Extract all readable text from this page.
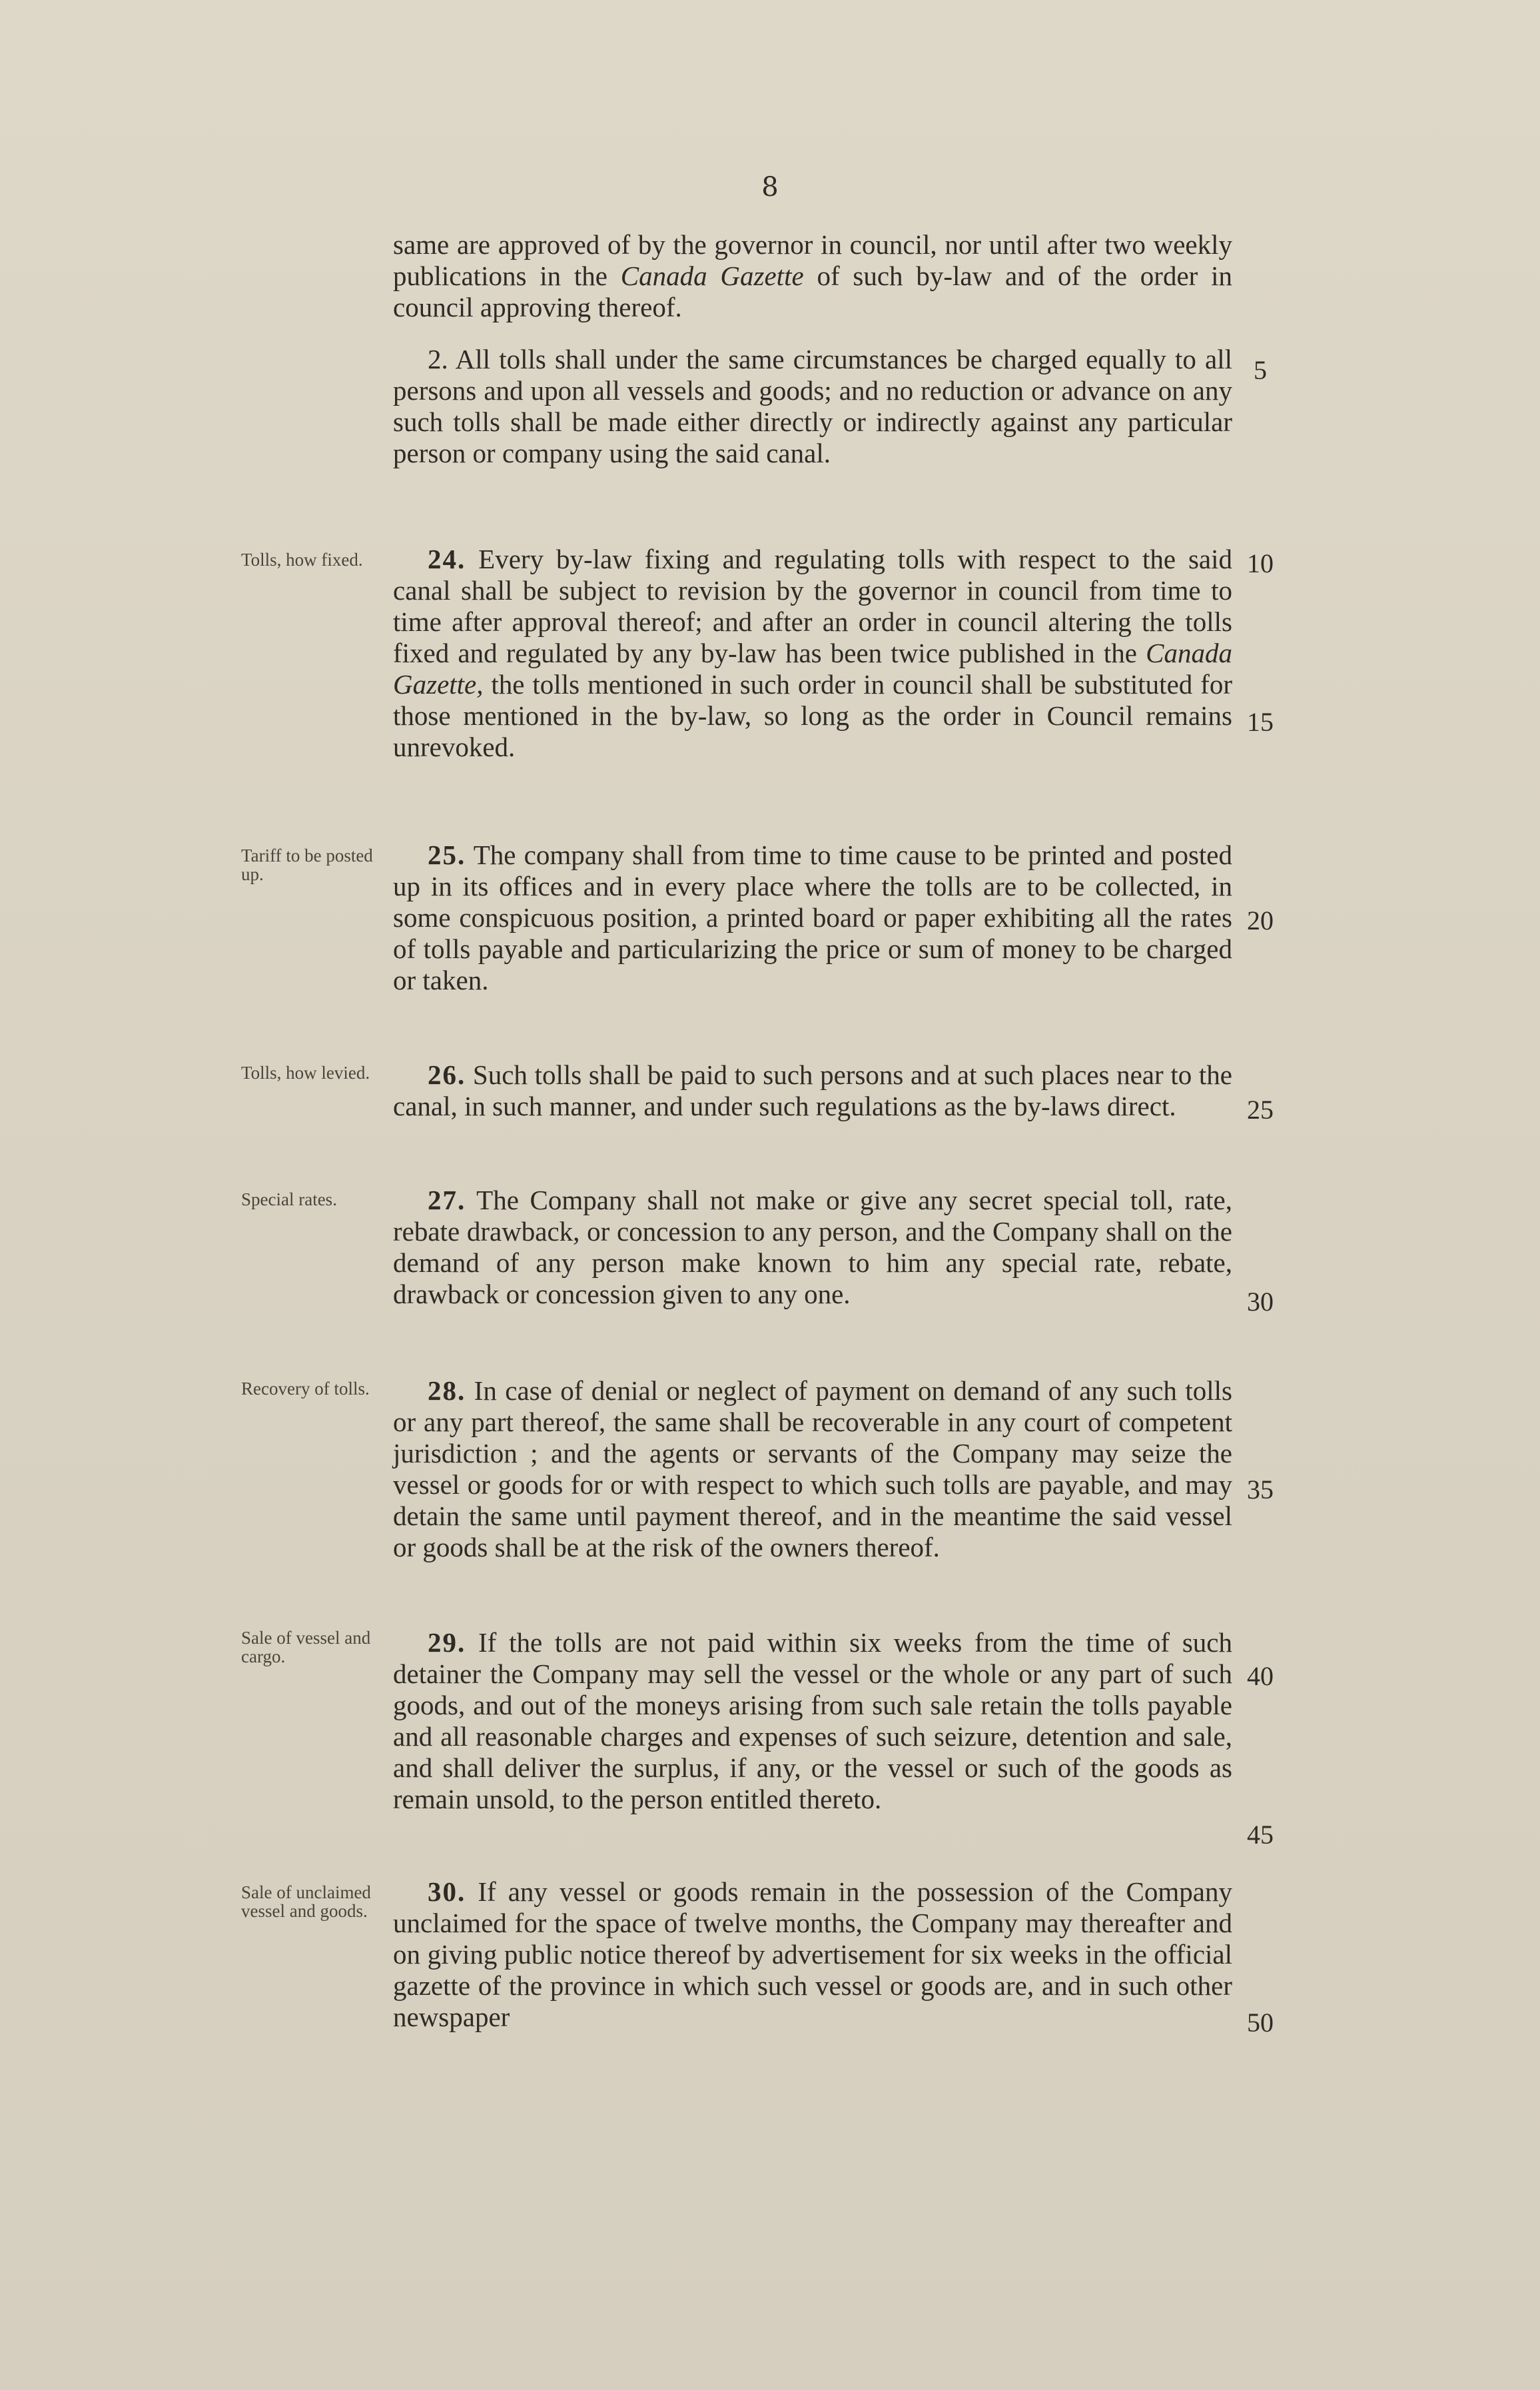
8
same are approved of by the governor in council, nor until after two weekly publications in the Canada Gazette of such by-law and of the order in council approving thereof.
2. All tolls shall under the same circumstances be charged equally to all persons and upon all vessels and goods; and no reduction or advance on any such tolls shall be made either directly or indirectly against any particular person or company using the said canal.
Tolls, how fixed.	24. Every by-law fixing and regulating tolls with respect to the said canal shall be subject to revision by the governor in council from time to time after approval thereof; and after an order in council altering the tolls fixed and regulated by any by-law has been twice published in the Canada Gazette, the tolls mentioned in such order in council shall be substituted for those mentioned in the by-law, so long as the order in Council remains unrevoked.
Tariff to be posted up.
25. The company shall from time to time cause to be printed and posted up in its offices and in every place where the tolls are to be collected, in some conspicuous position, a printed board or paper exhibiting all the rates of tolls payable and particularizing the price or sum of money to be charged or taken.
Tolls, how levied.	26. Such tolls shall be paid to such persons and at such places near to the canal, in such manner, and under such regulations as the by-laws direct.
Special rates.	27. The Company shall not make or give any secret special toll, rate, rebate drawback, or concession to any person, and the Company shall on the demand of any person make known to him any special rate, rebate, drawback or concession given to any one.
Recovery of tolls.	28. In case of denial or neglect of payment on demand of any such tolls or any part thereof, the same shall be recoverable in any court of competent jurisdiction ; and the agents or servants of the Company may seize the vessel or goods for or with respect to which such tolls are payable, and may detain the same until payment thereof, and in the meantime the said vessel or goods shall be at the risk of the owners thereof.
Sale of vessel and cargo.	29. If the tolls are not paid within six weeks from the time of such detainer the Company may sell the vessel or the whole or any part of such goods, and out of the moneys arising from such sale retain the tolls payable and all reasonable charges and expenses of such seizure, detention and sale, and shall deliver the surplus, if any, or the vessel or such of the goods as remain unsold, to the person entitled thereto.
Sale of unclaimed vessel and goods.
30. If any vessel or goods remain in the possession of the Company unclaimed for the space of twelve months, the Company may thereafter and on giving public notice thereof by advertisement for six weeks in the official gazette of the province in which such vessel or goods are, and in such other newspaper
5
10
15
20
25
30
35
40
45
50
